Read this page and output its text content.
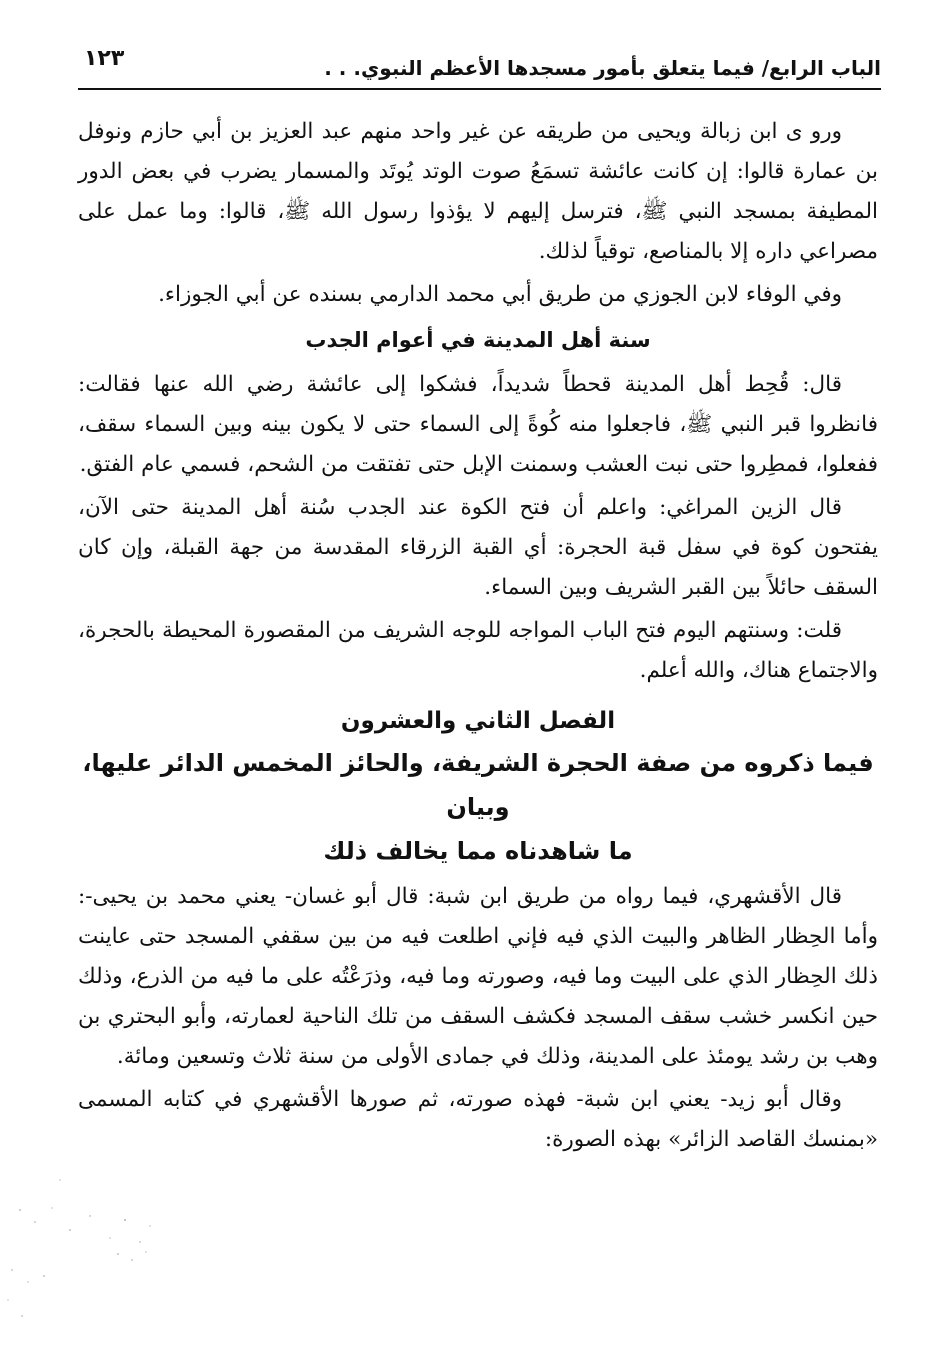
الباب الرابع/ فيما يتعلق بأمور مسجدها الأعظم النبوي. . .
١٢٣

ورو ى ابن زبالة ويحيى من طريقه عن غير واحد منهم عبد العزيز بن أبي حازم ونوفل بن عمارة قالوا: إن كانت عائشة تسمَعُ صوت الوتد يُوتَد والمسمار يضرب في بعض الدور المطيفة بمسجد النبي ﷺ، فترسل إليهم لا يؤذوا رسول الله ﷺ، قالوا: وما عمل على مصراعي داره إلا بالمناصع، توقياً لذلك.

وفي الوفاء لابن الجوزي من طريق أبي محمد الدارمي بسنده عن أبي الجوزاء.

سنة أهل المدينة في أعوام الجدب

قال: قُحِط أهل المدينة قحطاً شديداً، فشكوا إلى عائشة رضي الله عنها فقالت: فانظروا قبر النبي ﷺ، فاجعلوا منه كُوةً إلى السماء حتى لا يكون بينه وبين السماء سقف، ففعلوا، فمطِروا حتى نبت العشب وسمنت الإبل حتى تفتقت من الشحم، فسمي عام الفتق.

قال الزين المراغي: واعلم أن فتح الكوة عند الجدب سُنة أهل المدينة حتى الآن، يفتحون كوة في سفل قبة الحجرة: أي القبة الزرقاء المقدسة من جهة القبلة، وإن كان السقف حائلاً بين القبر الشريف وبين السماء.

قلت: وسنتهم اليوم فتح الباب المواجه للوجه الشريف من المقصورة المحيطة بالحجرة، والاجتماع هناك، والله أعلم.

الفصل الثاني والعشرون
فيما ذكروه من صفة الحجرة الشريفة، والحائز المخمس الدائر عليها، وبيان
ما شاهدناه مما يخالف ذلك

قال الأقشهري، فيما رواه من طريق ابن شبة: قال أبو غسان- يعني محمد بن يحيى-: وأما الحِظار الظاهر والبيت الذي فيه فإني اطلعت فيه من بين سقفي المسجد حتى عاينت ذلك الحِظار الذي على البيت وما فيه، وصورته وما فيه، وذرَعْتُه على ما فيه من الذرع، وذلك حين انكسر خشب سقف المسجد فكشف السقف من تلك الناحية لعمارته، وأبو البحتري بن وهب بن رشد يومئذ على المدينة، وذلك في جمادى الأولى من سنة ثلاث وتسعين ومائة.

وقال أبو زيد- يعني ابن شبة- فهذه صورته، ثم صورها الأقشهري في كتابه المسمى «بمنسك القاصد الزائر» بهذه الصورة:
